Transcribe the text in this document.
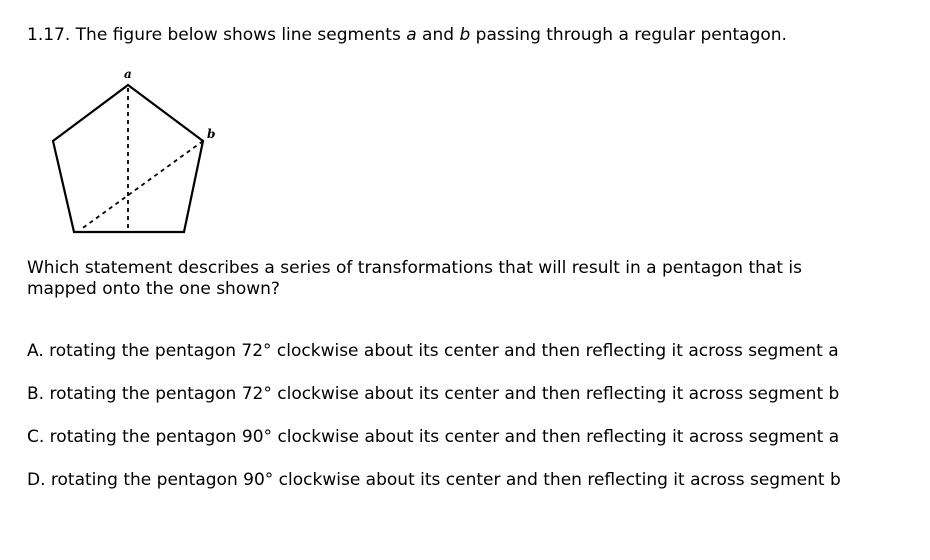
1.17. The figure below shows line segments a and b passing through a regular pentagon.
a
b
Which statement describes a series of transformations that will result in a pentagon that is mapped onto the one shown?
A. rotating the pentagon 72° clockwise about its center and then reflecting it across segment a
B. rotating the pentagon 72° clockwise about its center and then reflecting it across segment b
C. rotating the pentagon 90° clockwise about its center and then reflecting it across segment a
D. rotating the pentagon 90° clockwise about its center and then reflecting it across segment b
